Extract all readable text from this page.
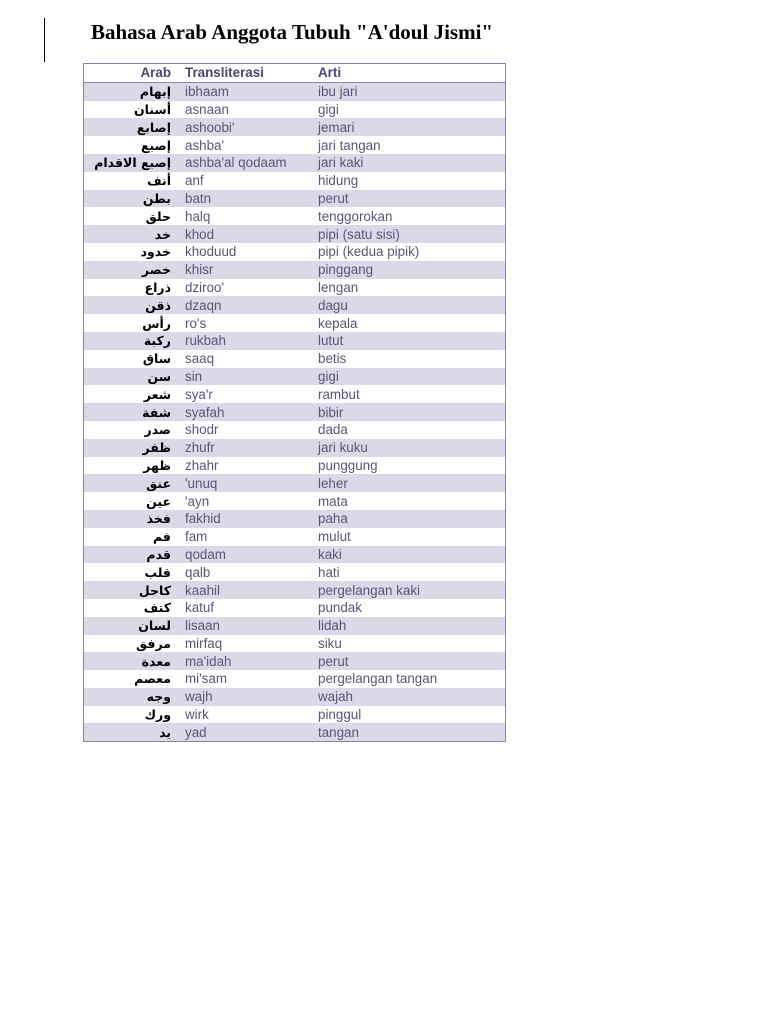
Bahasa Arab Anggota Tubuh "A'doul Jismi"
Arab	Transliterasi	Arti
إبهام	ibhaam	ibu jari
أسنان	asnaan	gigi
إصابع	ashoobi'	jemari
إصبع	ashba'	jari tangan
إصبع الاقدام	ashba'al qodaam	jari kaki
أنف	anf	hidung
بطن	batn	perut
حلق	halq	tenggorokan
خد	khod	pipi (satu sisi)
خدود	khoduud	pipi (kedua pipik)
خصر	khisr	pinggang
ذراع	dziroo'	lengan
ذقن	dzaqn	dagu
رأس	ro's	kepala
ركبة	rukbah	lutut
ساق	saaq	betis
سن	sin	gigi
شعر	sya'r	rambut
شفة	syafah	bibir
صدر	shodr	dada
ظفر	zhufr	jari kuku
ظهر	zhahr	punggung
عنق	'unuq	leher
عين	'ayn	mata
فخذ	fakhid	paha
فم	fam	mulut
قدم	qodam	kaki
قلب	qalb	hati
كاحل	kaahil	pergelangan kaki
كتف	katuf	pundak
لسان	lisaan	lidah
مرفق	mirfaq	siku
معدة	ma'idah	perut
معصم	mi'sam	pergelangan tangan
وجه	wajh	wajah
ورك	wirk	pinggul
يد	yad	tangan
